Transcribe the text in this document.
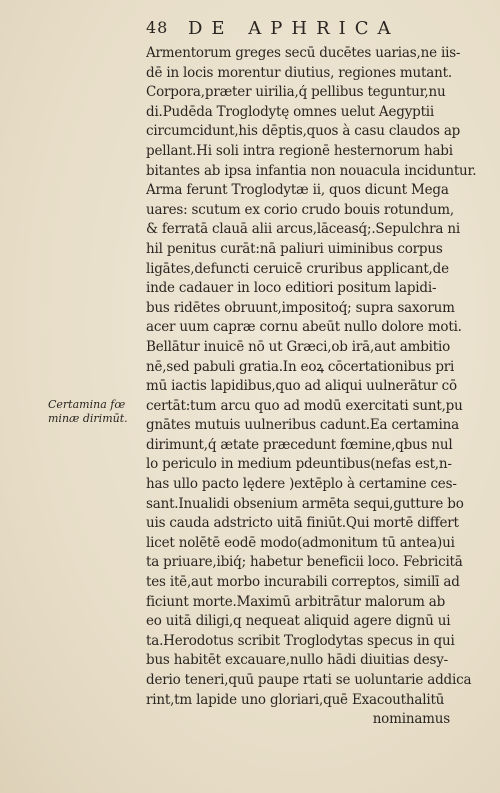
48 DE APHRICA
Certamina fœ
minæ dirimūt.
Armentorum greges secū ducētes uarias,ne iis-
dē in locis morentur diutius, regiones mutant.
Corpora,præter uirilia,q́ pellibus teguntur,nu
di.Pudēda Troglodytę omnes uelut Aegyptii
circumcidunt,his dēptis,quos à casu claudos ap
pellant.Hi soli intra regionē hesternorum habi
bitantes ab ipsa infantia non nouacula inciduntur.
Arma ferunt Troglodytæ ii, quos dicunt Mega
uares: scutum ex corio crudo bouis rotundum,
& ferratā clauā alii arcus,lāceasq́;.Sepulchra ni
hil penitus curāt:nā paliuri uiminibus corpus
ligātes,defuncti ceruicē cruribus applicant,de
inde cadauer in loco editiori positum lapidi-
bus ridētes obruunt,impositoq́; supra saxorum
acer uum capræ cornu abeūt nullo dolore moti.
Bellātur inuicē nō ut Græci,ob irā,aut ambitio
nē,sed pabuli gratia.In eoꝝ cōcertationibus pri
mū iactis lapidibus,quo ad aliqui uulnerātur cō
certāt:tum arcu quo ad modū exercitati sunt,pu
gnātes mutuis uulneribus cadunt.Ea certamina
dirimunt,q́ ætate præcedunt fœmine,qbus nul
lo periculo in medium pdeuntibus(nefas est,n-
has ullo pacto lędere )extēplo à certamine ces-
sant.Inualidi obsenium armēta sequi,gutture bo
uis cauda adstricto uitā finiūt.Qui mortē differt
licet nolētē eodē modo(admonitum tū antea)ui
ta priuare,ibiq́; habetur beneficii loco. Febricitā
tes itē,aut morbo incurabili correptos, similī ad
ficiunt morte.Maximū arbitrātur malorum ab
eo uitā diligi,q nequeat aliquid agere dignū ui
ta.Herodotus scribit Troglodytas specus in qui
bus habitēt excauare,nullo hādi diuitias desy-
derio teneri,quū paupe rtati se uoluntarie addica
rint,tm lapide uno gloriari,quē Exacouthalitū
nominamus
